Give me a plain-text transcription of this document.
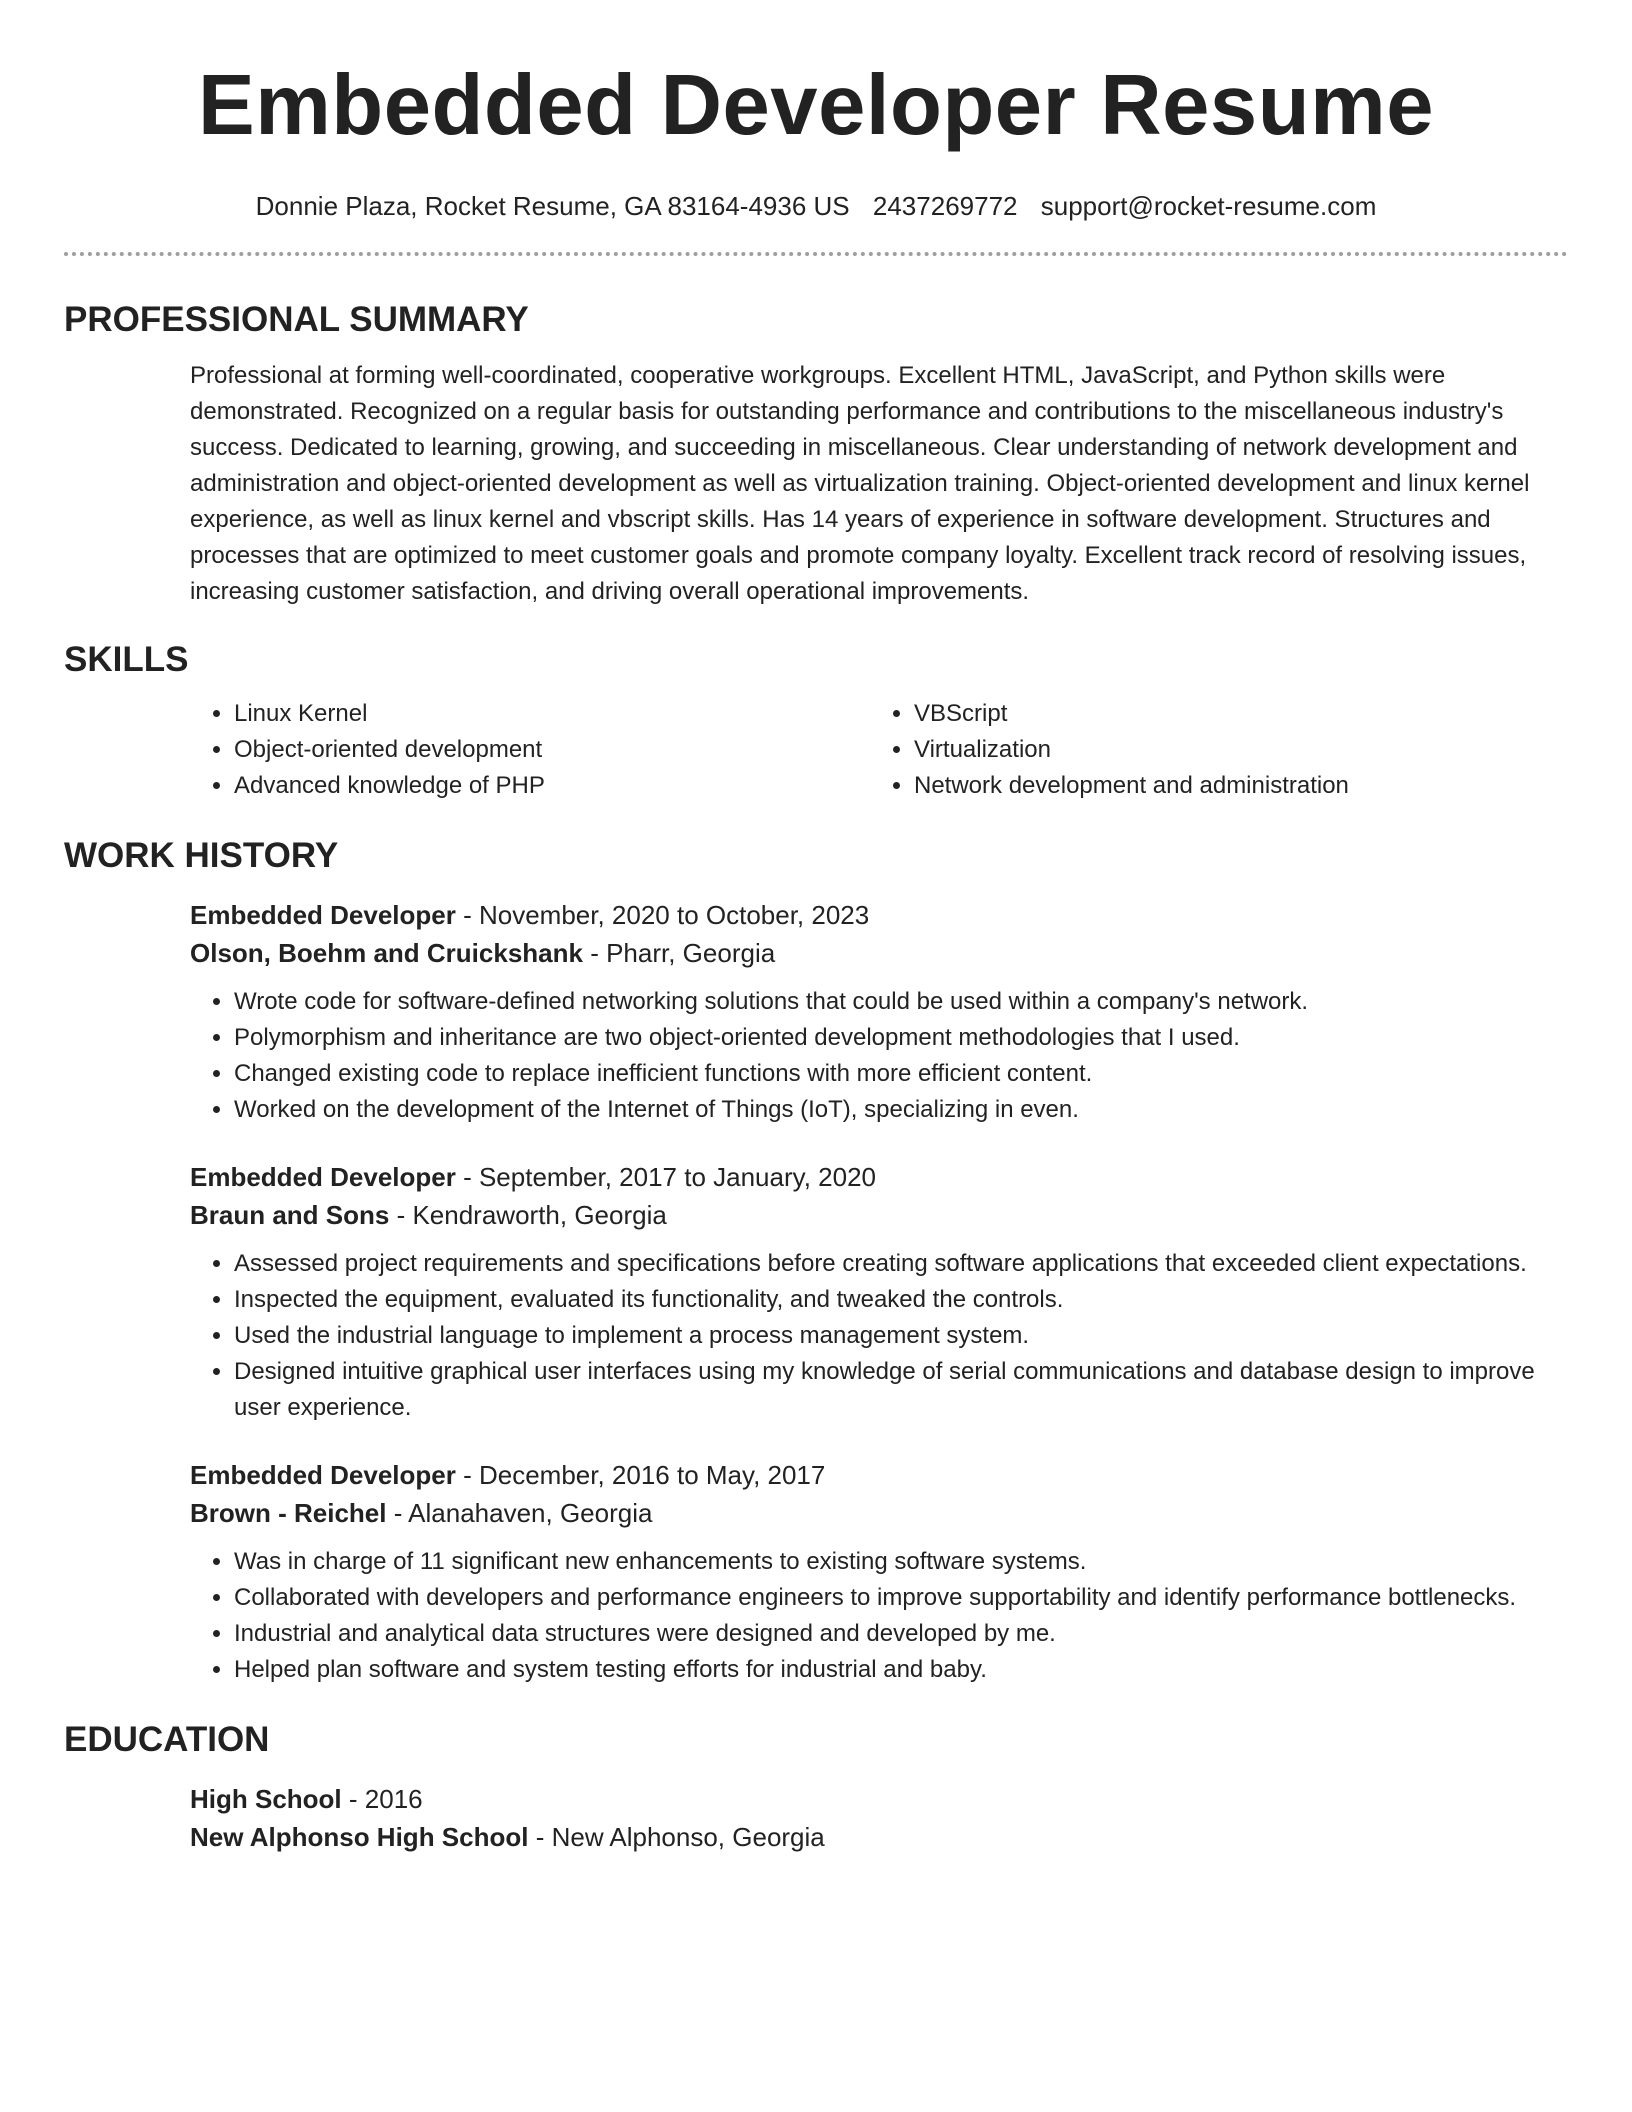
Embedded Developer Resume
Donnie Plaza, Rocket Resume, GA 83164-4936 US 2437269772 support@rocket-resume.com
PROFESSIONAL SUMMARY

Professional at forming well-coordinated, cooperative workgroups. Excellent HTML, JavaScript, and Python skills were demonstrated. Recognized on a regular basis for outstanding performance and contributions to the miscellaneous industry's success. Dedicated to learning, growing, and succeeding in miscellaneous. Clear understanding of network development and administration and object-oriented development as well as virtualization training. Object-oriented development and linux kernel experience, as well as linux kernel and vbscript skills. Has 14 years of experience in software development. Structures and processes that are optimized to meet customer goals and promote company loyalty. Excellent track record of resolving issues, increasing customer satisfaction, and driving overall operational improvements.

SKILLS
• Linux Kernel
• Object-oriented development
• Advanced knowledge of PHP
• VBScript
• Virtualization
• Network development and administration
WORK HISTORY
Embedded Developer - November, 2020 to October, 2023
Olson, Boehm and Cruickshank - Pharr, Georgia
• Wrote code for software-defined networking solutions that could be used within a company's network.
• Polymorphism and inheritance are two object-oriented development methodologies that I used.
• Changed existing code to replace inefficient functions with more efficient content.
• Worked on the development of the Internet of Things (IoT), specializing in even.
Embedded Developer - September, 2017 to January, 2020
Braun and Sons - Kendraworth, Georgia
• Assessed project requirements and specifications before creating software applications that exceeded client expectations.
• Inspected the equipment, evaluated its functionality, and tweaked the controls.
• Used the industrial language to implement a process management system.
• Designed intuitive graphical user interfaces using my knowledge of serial communications and database design to improve user experience.
Embedded Developer - December, 2016 to May, 2017
Brown - Reichel - Alanahaven, Georgia
• Was in charge of 11 significant new enhancements to existing software systems.
• Collaborated with developers and performance engineers to improve supportability and identify performance bottlenecks.
• Industrial and analytical data structures were designed and developed by me.
• Helped plan software and system testing efforts for industrial and baby.
EDUCATION
High School - 2016
New Alphonso High School - New Alphonso, Georgia
